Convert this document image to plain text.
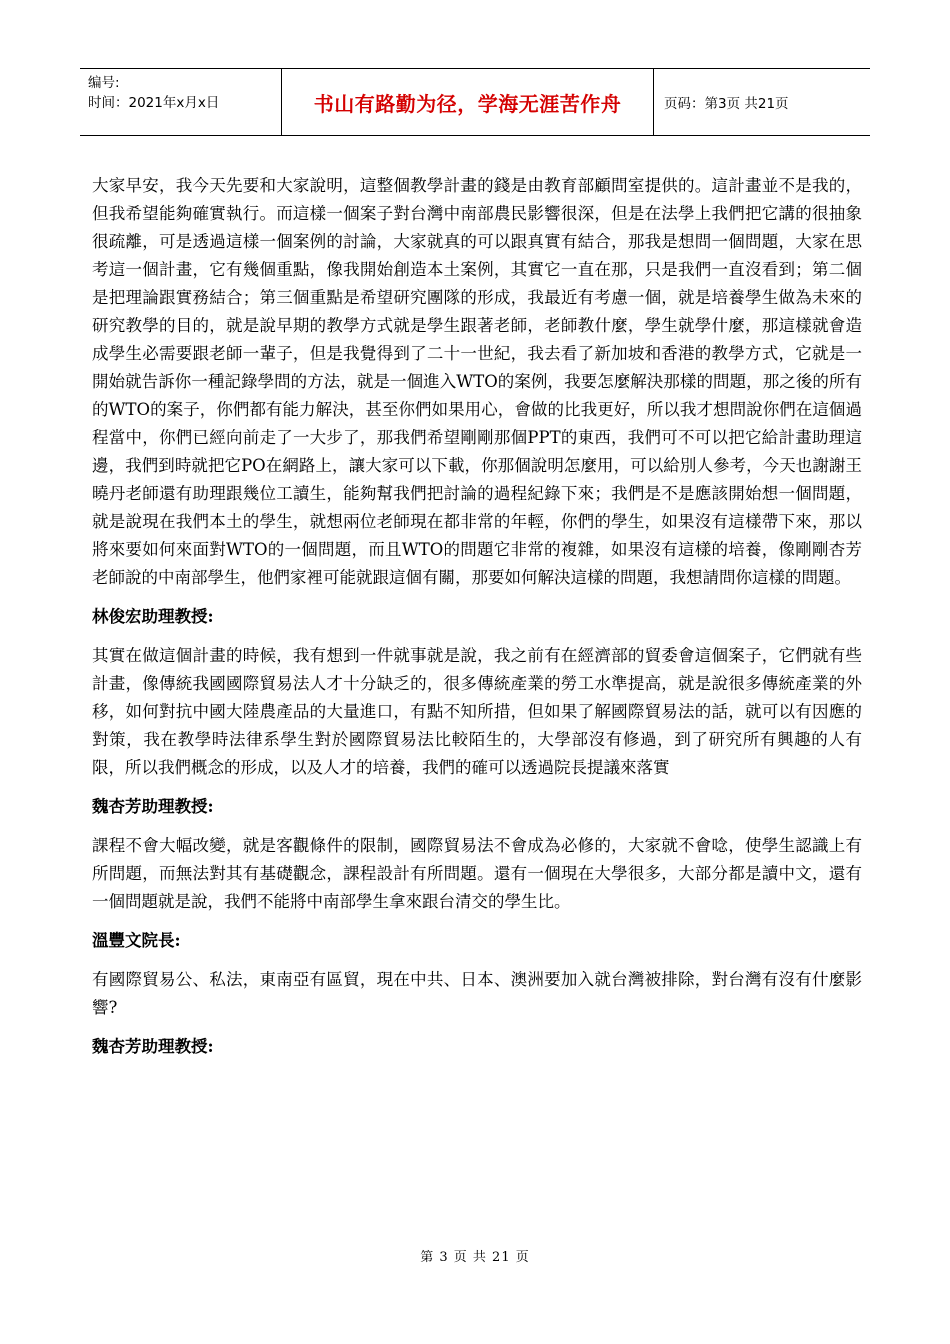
编号:
时间：2021年x月x日	书山有路勤为径，学海无涯苦作舟	页码：第3页 共21页

大家早安，我今天先要和大家說明，這整個教學計畫的錢是由教育部顧問室提供的。這計畫並不是我的，但我希望能夠確實執行。而這樣一個案子對台灣中南部農民影響很深，但是在法學上我們把它講的很抽象很疏離，可是透過這樣一個案例的討論，大家就真的可以跟真實有結合，那我是想問一個問題，大家在思考這一個計畫，它有幾個重點，像我開始創造本土案例，其實它一直在那，只是我們一直沒看到；第二個是把理論跟實務結合；第三個重點是希望研究團隊的形成，我最近有考慮一個，就是培養學生做為未來的研究教學的目的，就是說早期的教學方式就是學生跟著老師，老師教什麼，學生就學什麼，那這樣就會造成學生必需要跟老師一輩子，但是我覺得到了二十一世紀，我去看了新加坡和香港的教學方式，它就是一開始就告訴你一種記錄學問的方法，就是一個進入WTO的案例，我要怎麼解決那樣的問題，那之後的所有的WTO的案子，你們都有能力解決，甚至你們如果用心，會做的比我更好，所以我才想問說你們在這個過程當中，你們已經向前走了一大步了，那我們希望剛剛那個PPT的東西，我們可不可以把它給計畫助理這邊，我們到時就把它PO在網路上，讓大家可以下載，你那個說明怎麼用，可以給別人參考，今天也謝謝王曉丹老師還有助理跟幾位工讀生，能夠幫我們把討論的過程紀錄下來；我們是不是應該開始想一個問題，就是說現在我們本土的學生，就想兩位老師現在都非常的年輕，你們的學生，如果沒有這樣帶下來，那以將來要如何來面對WTO的一個問題，而且WTO的問題它非常的複雜，如果沒有這樣的培養，像剛剛杏芳老師說的中南部學生，他們家裡可能就跟這個有關，那要如何解決這樣的問題，我想請問你這樣的問題。

林俊宏助理教授:

其實在做這個計畫的時候，我有想到一件就事就是說，我之前有在經濟部的貿委會這個案子，它們就有些計畫，像傳統我國國際貿易法人才十分缺乏的，很多傳統產業的勞工水準提高，就是說很多傳統產業的外移，如何對抗中國大陸農產品的大量進口，有點不知所措，但如果了解國際貿易法的話，就可以有因應的對策，我在教學時法律系學生對於國際貿易法比較陌生的，大學部沒有修過，到了研究所有興趣的人有限，所以我們概念的形成，以及人才的培養，我們的確可以透過院長提議來落實

魏杏芳助理教授:

課程不會大幅改變，就是客觀條件的限制，國際貿易法不會成為必修的，大家就不會唸，使學生認識上有所問題，而無法對其有基礎觀念，課程設計有所問題。還有一個現在大學很多，大部分都是讀中文，還有一個問題就是說，我們不能將中南部學生拿來跟台清交的學生比。

溫豐文院長:

有國際貿易公、私法，東南亞有區貿，現在中共、日本、澳洲要加入就台灣被排除，對台灣有沒有什麼影響?

魏杏芳助理教授:

第 3 页 共 21 页
